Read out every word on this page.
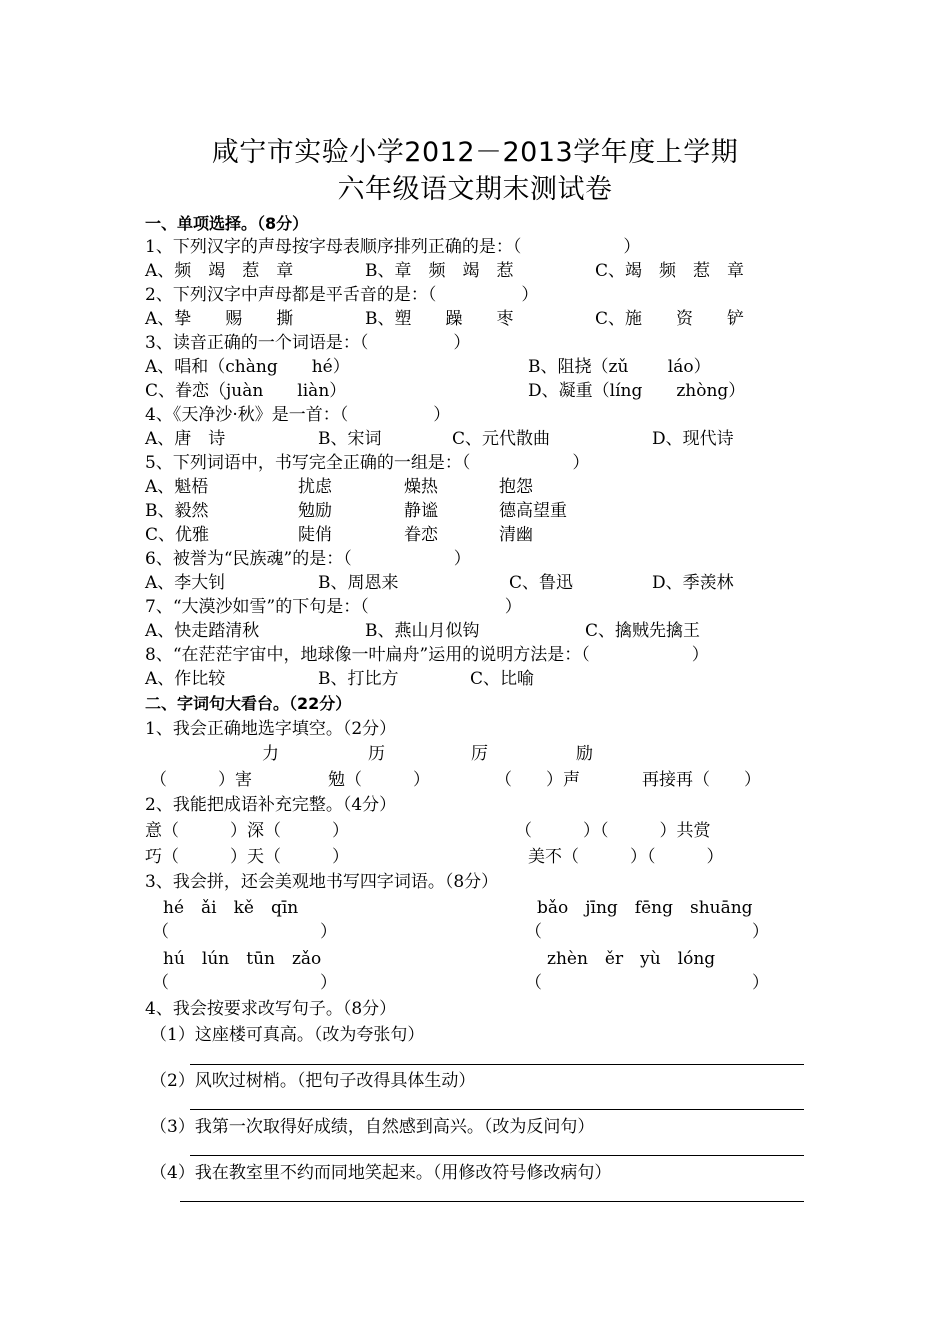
咸宁市实验小学2012－2013学年度上学期
六年级语文期末测试卷
一、单项选择。（8分）
1、下列汉字的声母按字母表顺序排列正确的是：（　　　　　　）
A、频　竭　惹　章	B、章　频　竭　惹	C、竭　频　惹　章
2、下列汉字中声母都是平舌音的是：（　　　　　）
A、挚　　赐　　撕	B、塑　　躁　　枣	C、施　　资　　铲
3、读音正确的一个词语是：（　　　　　）
A、唱和（chàng　　hé）	B、阻挠（zǔ　　 láo）
C、眷恋（juàn　　liàn）	D、凝重（líng　　zhòng）
4、《天净沙·秋》是一首：（　　　　　）
A、唐　诗	B、宋词	C、元代散曲	D、现代诗
5、下列词语中，书写完全正确的一组是：（　　　　　　）
A、魁梧	扰虑	燥热	抱怨
B、毅然	勉励	静谧	德高望重
C、优雅	陡俏	眷恋	清幽
6、被誉为“民族魂”的是：（　　　　　　）
A、李大钊	B、周恩来	C、鲁迅	D、季羡林
7、“大漠沙如雪”的下句是：（　　　　　　　　）
A、快走踏清秋	B、燕山月似钩	C、擒贼先擒王
8、“在茫茫宇宙中，地球像一叶扁舟”运用的说明方法是：（　　　　　　）
A、作比较	B、打比方	C、比喻
二、字词句大看台。（22分）
1、我会正确地选字填空。（2分）
力	历	厉	励
（　　　）害	勉（　　　）	（　　）声	再接再（　　）
2、我能把成语补充完整。（4分）
意（　　　）深（　　　）	（　　　）（　　　）共赏
巧（　　　）天（　　　）	美不（　　　）（　　　）
3、我会拼，还会美观地书写四字词语。（8分）
hé　ǎi　kě　qīn	bǎo　jīng　fēng　shuāng
（	）	（	）
hú　lún　tūn　zǎo	zhèn　ěr　yù　lóng
（	）	（	）
4、我会按要求改写句子。（8分）
（1）这座楼可真高。（改为夸张句）
（2）风吹过树梢。（把句子改得具体生动）
（3）我第一次取得好成绩，自然感到高兴。（改为反问句）
（4）我在教室里不约而同地笑起来。（用修改符号修改病句）
